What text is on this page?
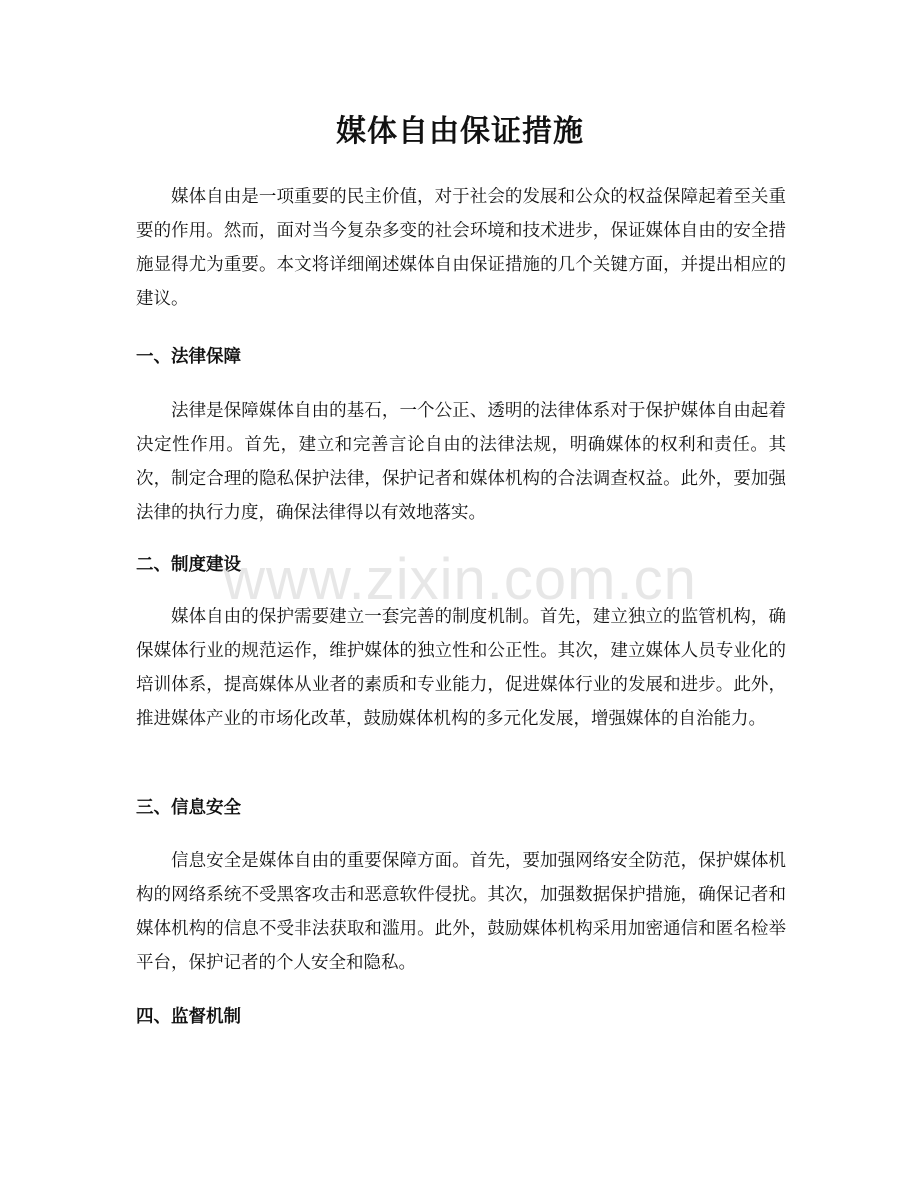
媒体自由保证措施

媒体自由是一项重要的民主价值，对于社会的发展和公众的权益保障起着至关重要的作用。然而，面对当今复杂多变的社会环境和技术进步，保证媒体自由的安全措施显得尤为重要。本文将详细阐述媒体自由保证措施的几个关键方面，并提出相应的建议。

一、法律保障

法律是保障媒体自由的基石，一个公正、透明的法律体系对于保护媒体自由起着决定性作用。首先，建立和完善言论自由的法律法规，明确媒体的权利和责任。其次，制定合理的隐私保护法律，保护记者和媒体机构的合法调查权益。此外，要加强法律的执行力度，确保法律得以有效地落实。

二、制度建设

媒体自由的保护需要建立一套完善的制度机制。首先，建立独立的监管机构，确保媒体行业的规范运作，维护媒体的独立性和公正性。其次，建立媒体人员专业化的培训体系，提高媒体从业者的素质和专业能力，促进媒体行业的发展和进步。此外，推进媒体产业的市场化改革，鼓励媒体机构的多元化发展，增强媒体的自治能力。

三、信息安全

信息安全是媒体自由的重要保障方面。首先，要加强网络安全防范，保护媒体机构的网络系统不受黑客攻击和恶意软件侵扰。其次，加强数据保护措施，确保记者和媒体机构的信息不受非法获取和滥用。此外，鼓励媒体机构采用加密通信和匿名检举平台，保护记者的个人安全和隐私。

四、监督机制
www.zixin.com.cn
